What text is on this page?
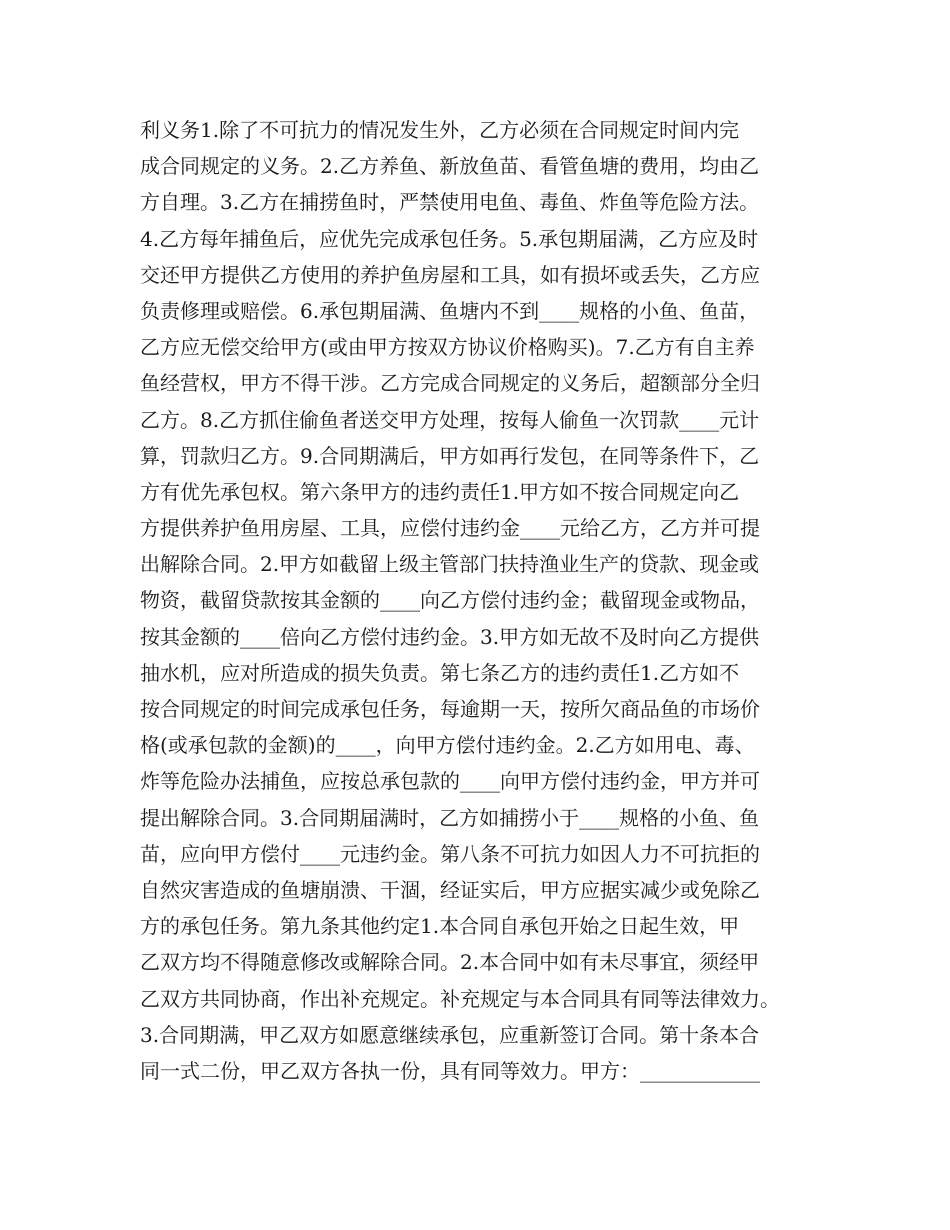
利义务1.除了不可抗力的情况发生外，乙方必须在合同规定时间内完
成合同规定的义务。2.乙方养鱼、新放鱼苗、看管鱼塘的费用，均由乙
方自理。3.乙方在捕捞鱼时，严禁使用电鱼、毒鱼、炸鱼等危险方法。
4.乙方每年捕鱼后，应优先完成承包任务。5.承包期届满，乙方应及时
交还甲方提供乙方使用的养护鱼房屋和工具，如有损坏或丢失，乙方应
负责修理或赔偿。6.承包期届满、鱼塘内不到____规格的小鱼、鱼苗，
乙方应无偿交给甲方(或由甲方按双方协议价格购买)。7.乙方有自主养
鱼经营权，甲方不得干涉。乙方完成合同规定的义务后，超额部分全归
乙方。8.乙方抓住偷鱼者送交甲方处理，按每人偷鱼一次罚款____元计
算，罚款归乙方。9.合同期满后，甲方如再行发包，在同等条件下，乙
方有优先承包权。第六条甲方的违约责任1.甲方如不按合同规定向乙
方提供养护鱼用房屋、工具，应偿付违约金____元给乙方，乙方并可提
出解除合同。2.甲方如截留上级主管部门扶持渔业生产的贷款、现金或
物资，截留贷款按其金额的____向乙方偿付违约金；截留现金或物品，
按其金额的____倍向乙方偿付违约金。3.甲方如无故不及时向乙方提供
抽水机，应对所造成的损失负责。第七条乙方的违约责任1.乙方如不
按合同规定的时间完成承包任务，每逾期一天，按所欠商品鱼的市场价
格(或承包款的金额)的____，向甲方偿付违约金。2.乙方如用电、毒、
炸等危险办法捕鱼，应按总承包款的____向甲方偿付违约金，甲方并可
提出解除合同。3.合同期届满时，乙方如捕捞小于____规格的小鱼、鱼
苗，应向甲方偿付____元违约金。第八条不可抗力如因人力不可抗拒的
自然灾害造成的鱼塘崩溃、干涸，经证实后，甲方应据实减少或免除乙
方的承包任务。第九条其他约定1.本合同自承包开始之日起生效，甲
乙双方均不得随意修改或解除合同。2.本合同中如有未尽事宜，须经甲
乙双方共同协商，作出补充规定。补充规定与本合同具有同等法律效力。
3.合同期满，甲乙双方如愿意继续承包，应重新签订合同。第十条本合
同一式二份，甲乙双方各执一份，具有同等效力。甲方：____________
